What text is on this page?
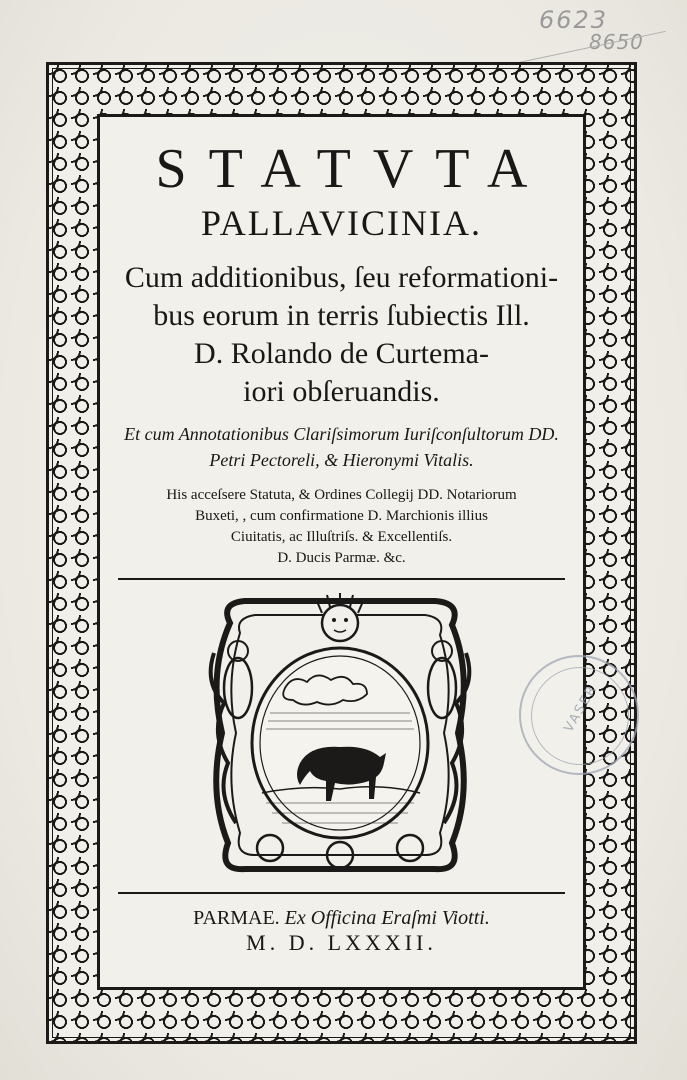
6623
8650
STATVTA
PALLAVICINIA.
Cum additionibus, ſeu reformationi-
bus eorum in terris ſubiectis Ill.
D. Rolando de Curtema-
iori obſeruandis.
Et cum Annotationibus Clariſsimorum Iuriſconſultorum DD.
Petri Pectoreli, & Hieronymi Vitalis.
His acceſsere Statuta, & Ordines Collegij DD. Notariorum
Buxeti, , cum confirmatione D. Marchionis illius
Ciuitatis, ac Illuſtriſs. & Excellentiſs.
D. Ducis Parmæ. &c.
PARMAE. Ex Officina Eraſmi Viotti.
M. D. LXXXII.
VASER
